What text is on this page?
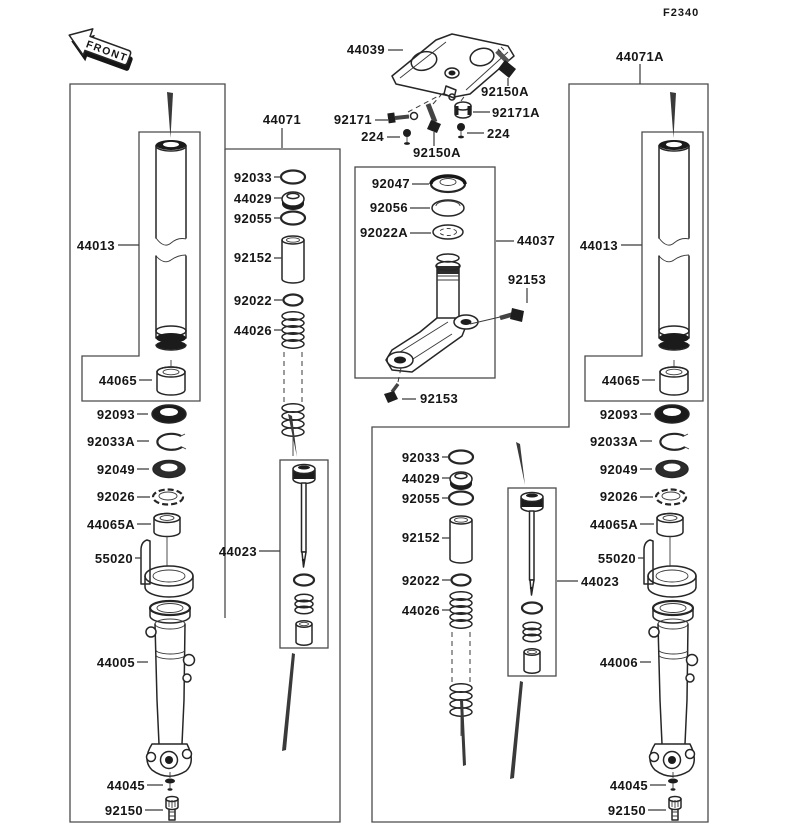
FRONT
F2340
44071
44071A
44039
92150A
92171A
224
92171
224
92150A
92047
92056
92022A
44037
92153
92153
92033
44029
92055
92152
92022
44026
44023
92033
44029
92055
92152
92022
44026
44023
44013
44065
92093
92033A
92049
92026
44065A
55020
44005
44045
92150
44013
44065
92093
92033A
92049
92026
44065A
55020
44006
44045
92150
